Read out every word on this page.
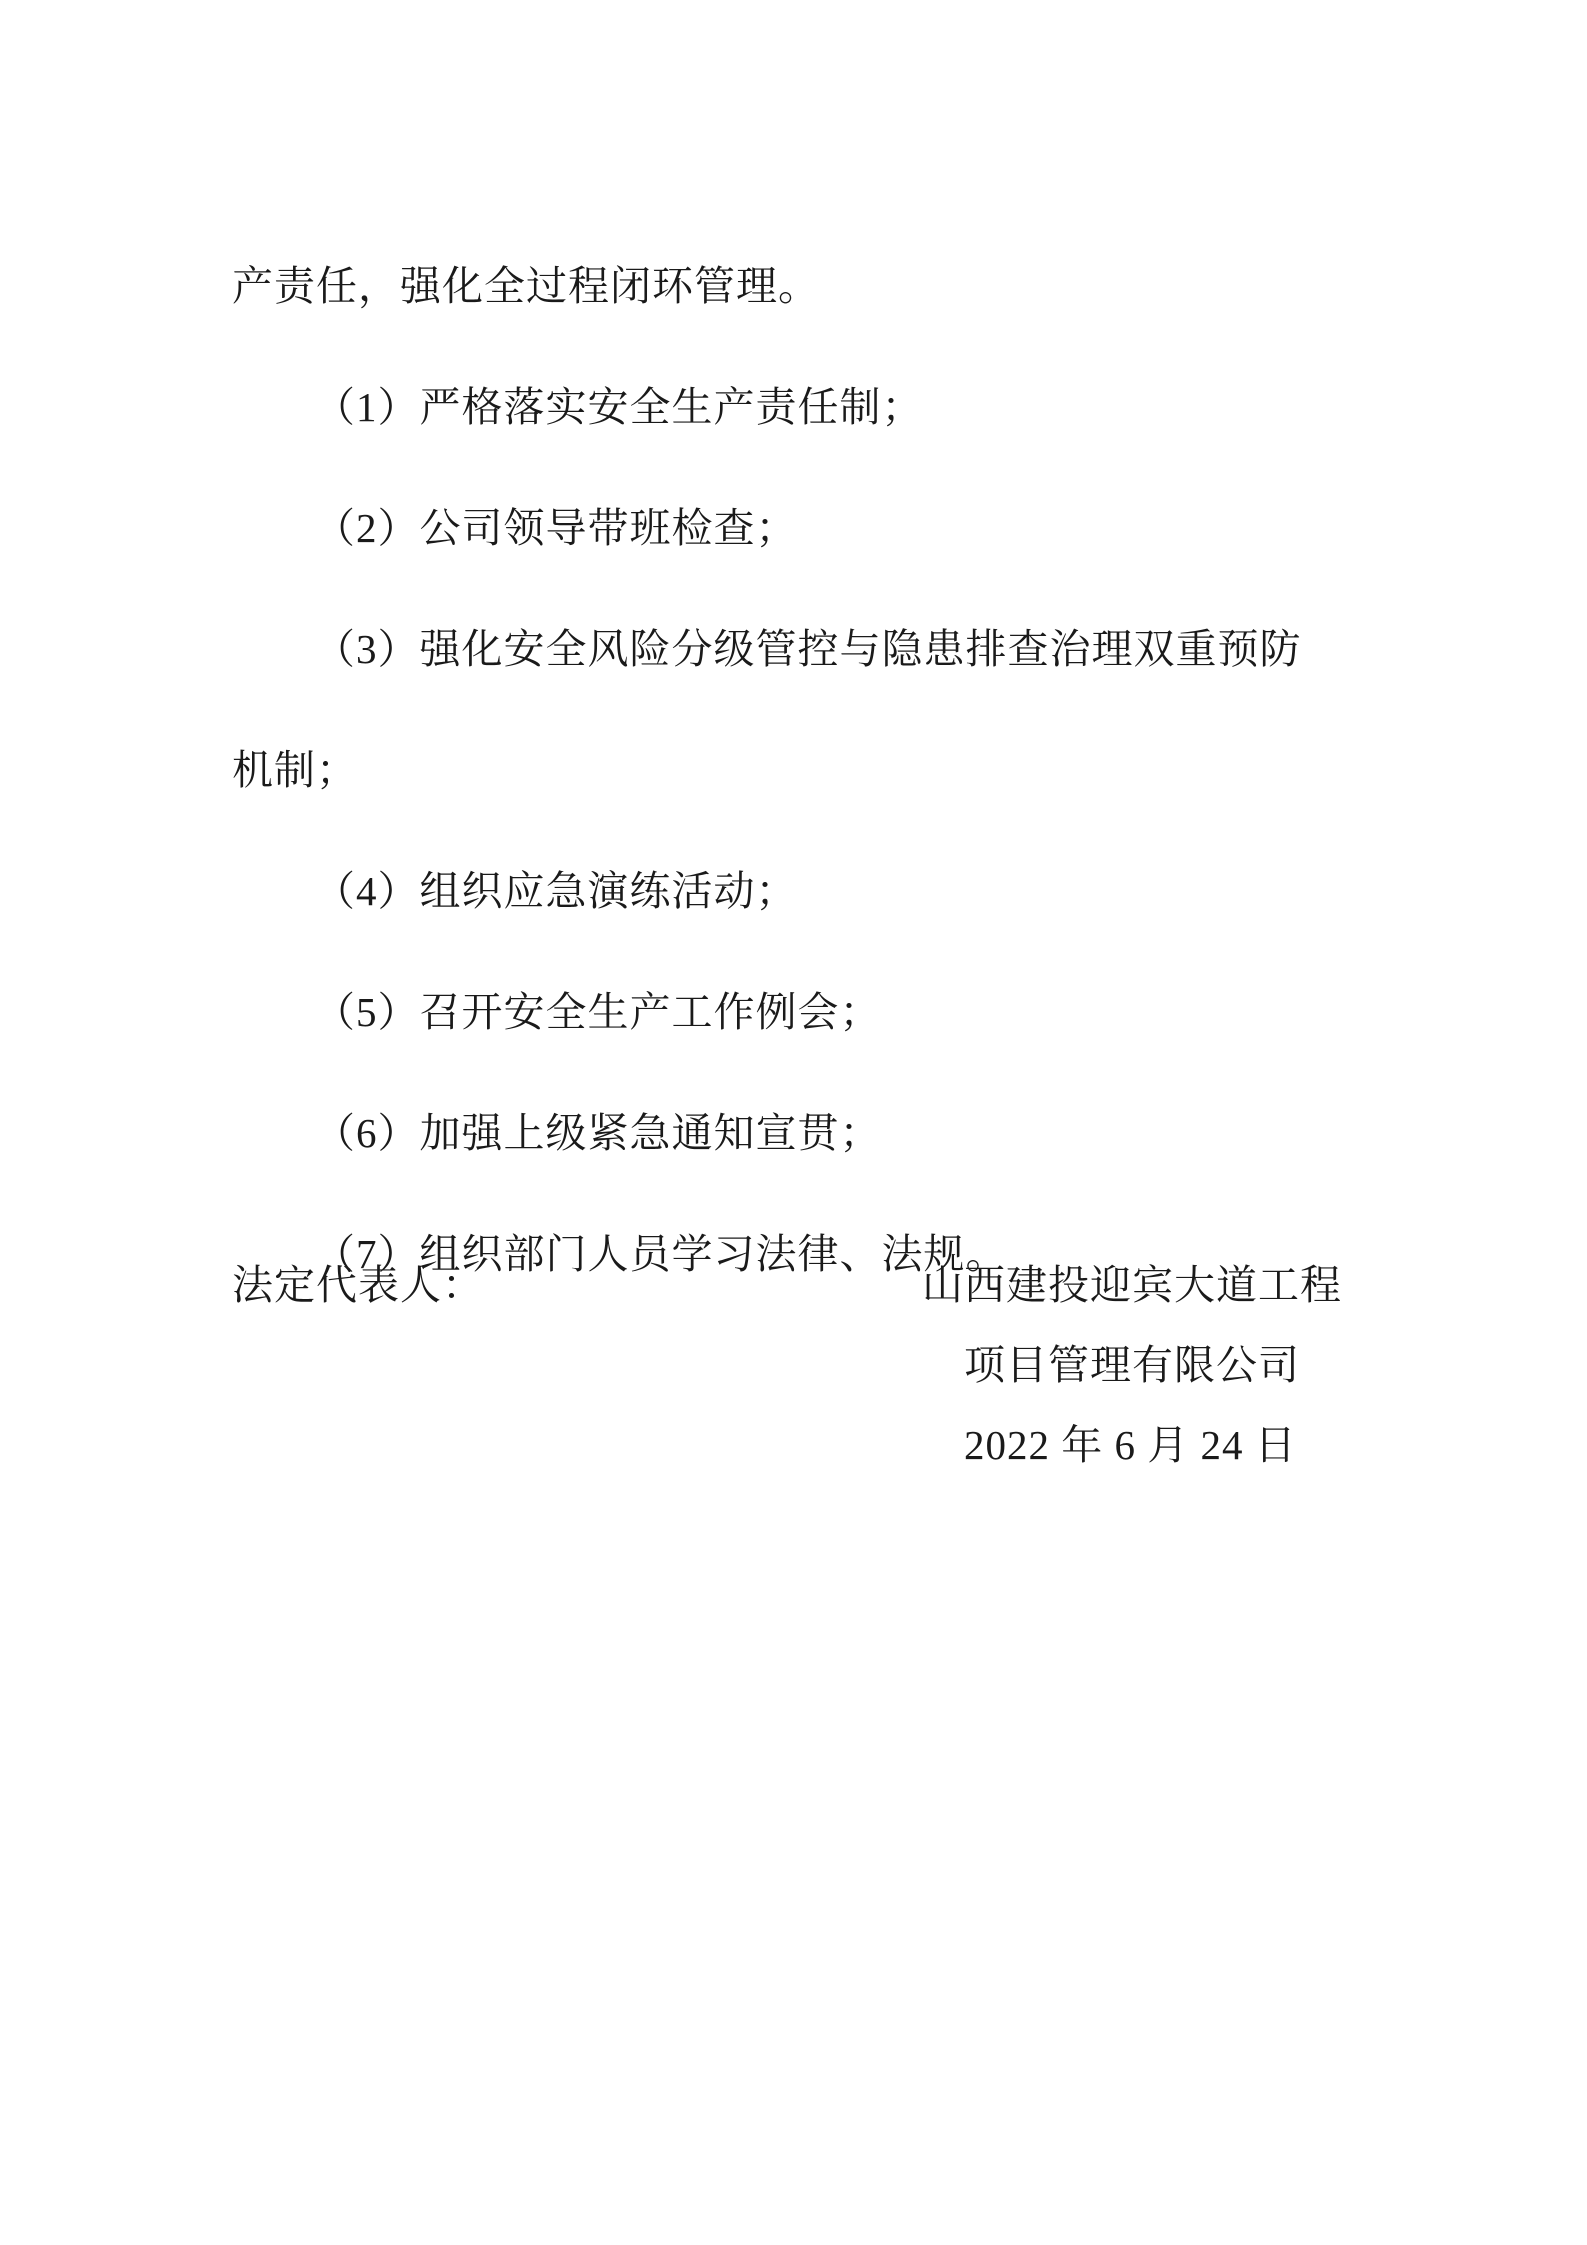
产责任，强化全过程闭环管理。

（1）严格落实安全生产责任制；

（2）公司领导带班检查；

（3）强化安全风险分级管控与隐患排查治理双重预防

机制；

（4）组织应急演练活动；

（5）召开安全生产工作例会；

（6）加强上级紧急通知宣贯；

（7）组织部门人员学习法律、法规。

法定代表人：	山西建投迎宾大道工程
项目管理有限公司
2022 年 6 月 24 日
